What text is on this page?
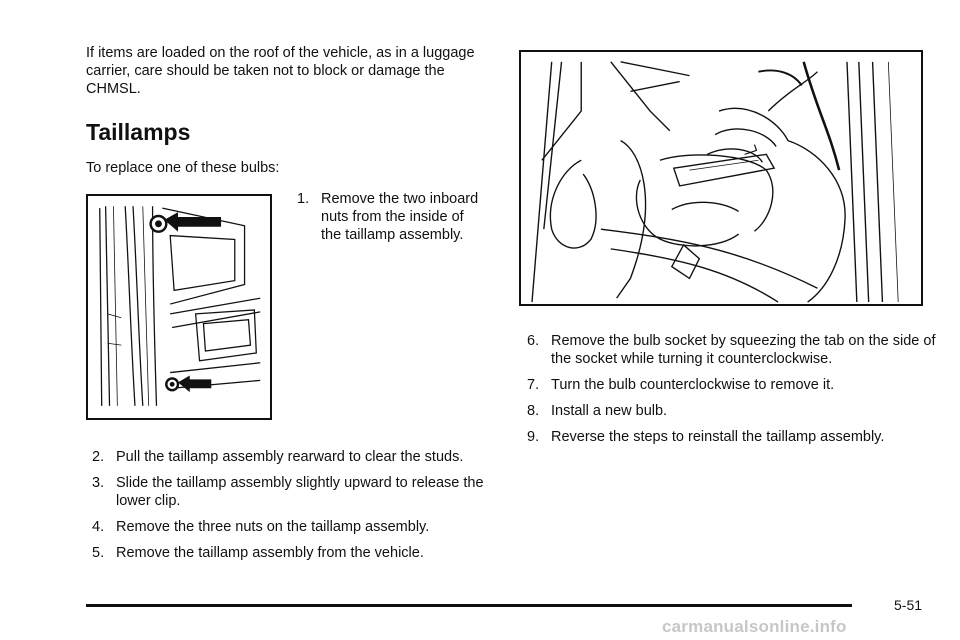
If items are loaded on the roof of the vehicle, as in a luggage carrier, care should be taken not to block or damage the CHMSL.
Taillamps

To replace one of these bulbs:

1. Remove the two inboard nuts from the inside of the taillamp assembly.
2. Pull the taillamp assembly rearward to clear the studs.
3. Slide the taillamp assembly slightly upward to release the lower clip.
4. Remove the three nuts on the taillamp assembly.
5. Remove the taillamp assembly from the vehicle.
6. Remove the bulb socket by squeezing the tab on the side of the socket while turning it counterclockwise.
7. Turn the bulb counterclockwise to remove it.
8. Install a new bulb.
9. Reverse the steps to reinstall the taillamp assembly.
5-51
carmanualsonline.info
